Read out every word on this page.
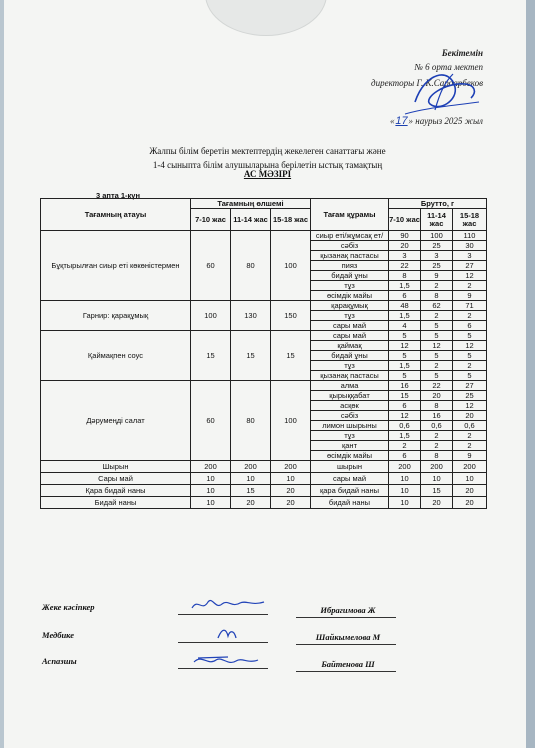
Бекітемін
№ 6 орта мектеп
директоры Г. К.Сардарбеков
«17» наурыз 2025 жыл
Жалпы білім беретін мектептердің жекелеген санаттағы және
1-4 сыныпта білім алушыларына берілетін ыстық тамақтың
АС МӘЗІРІ
3 апта 1-күн
Тағамның атауы	Тағамның өлшемі			Тағам құрамы	Брутто, г		
	7-10 жас	11-14 жас	15-18 жас		7-10 жас	11-14 жас	15-18 жас
Бұқтырылған сиыр еті көкөністермен	60	80	100	сиыр еті/жұмсақ ет/	90	100	110
				сәбіз	20	25	30
				қызанақ пастасы	3	3	3
				пияз	22	25	27
				бидай ұны	8	9	12
				тұз	1,5	2	2
				өсімдік майы	6	8	9
Гарнир: қарақұмық	100	130	150	қарақұмық	48	62	71
				тұз	1,5	2	2
				сары май	4	5	6
Қаймақпен соус	15	15	15	сары май	5	5	5
				қаймақ	12	12	12
				бидай ұны	5	5	5
				тұз	1,5	2	2
				қызанақ пастасы	5	5	5
Дәрумеңді салат	60	80	100	алма	16	22	27
				қырыққабат	15	20	25
				асқөк	6	8	12
				сәбіз	12	16	20
				лимон шырыны	0,6	0,6	0,6
				тұз	1,5	2	2
				қант	2	2	2
				өсімдік майы	6	8	9
Шырын	200	200	200	шырын	200	200	200
Сары май	10	10	10	сары май	10	10	10
Қара бидай наны	10	15	20	қара бидай наны	10	15	20
Бидай наны	10	20	20	бидай наны	10	20	20
Жеке кәсіпкер	Ибрагимова Ж
Медбике	Шайкымелова М
Аспазшы	Байтенова Ш
